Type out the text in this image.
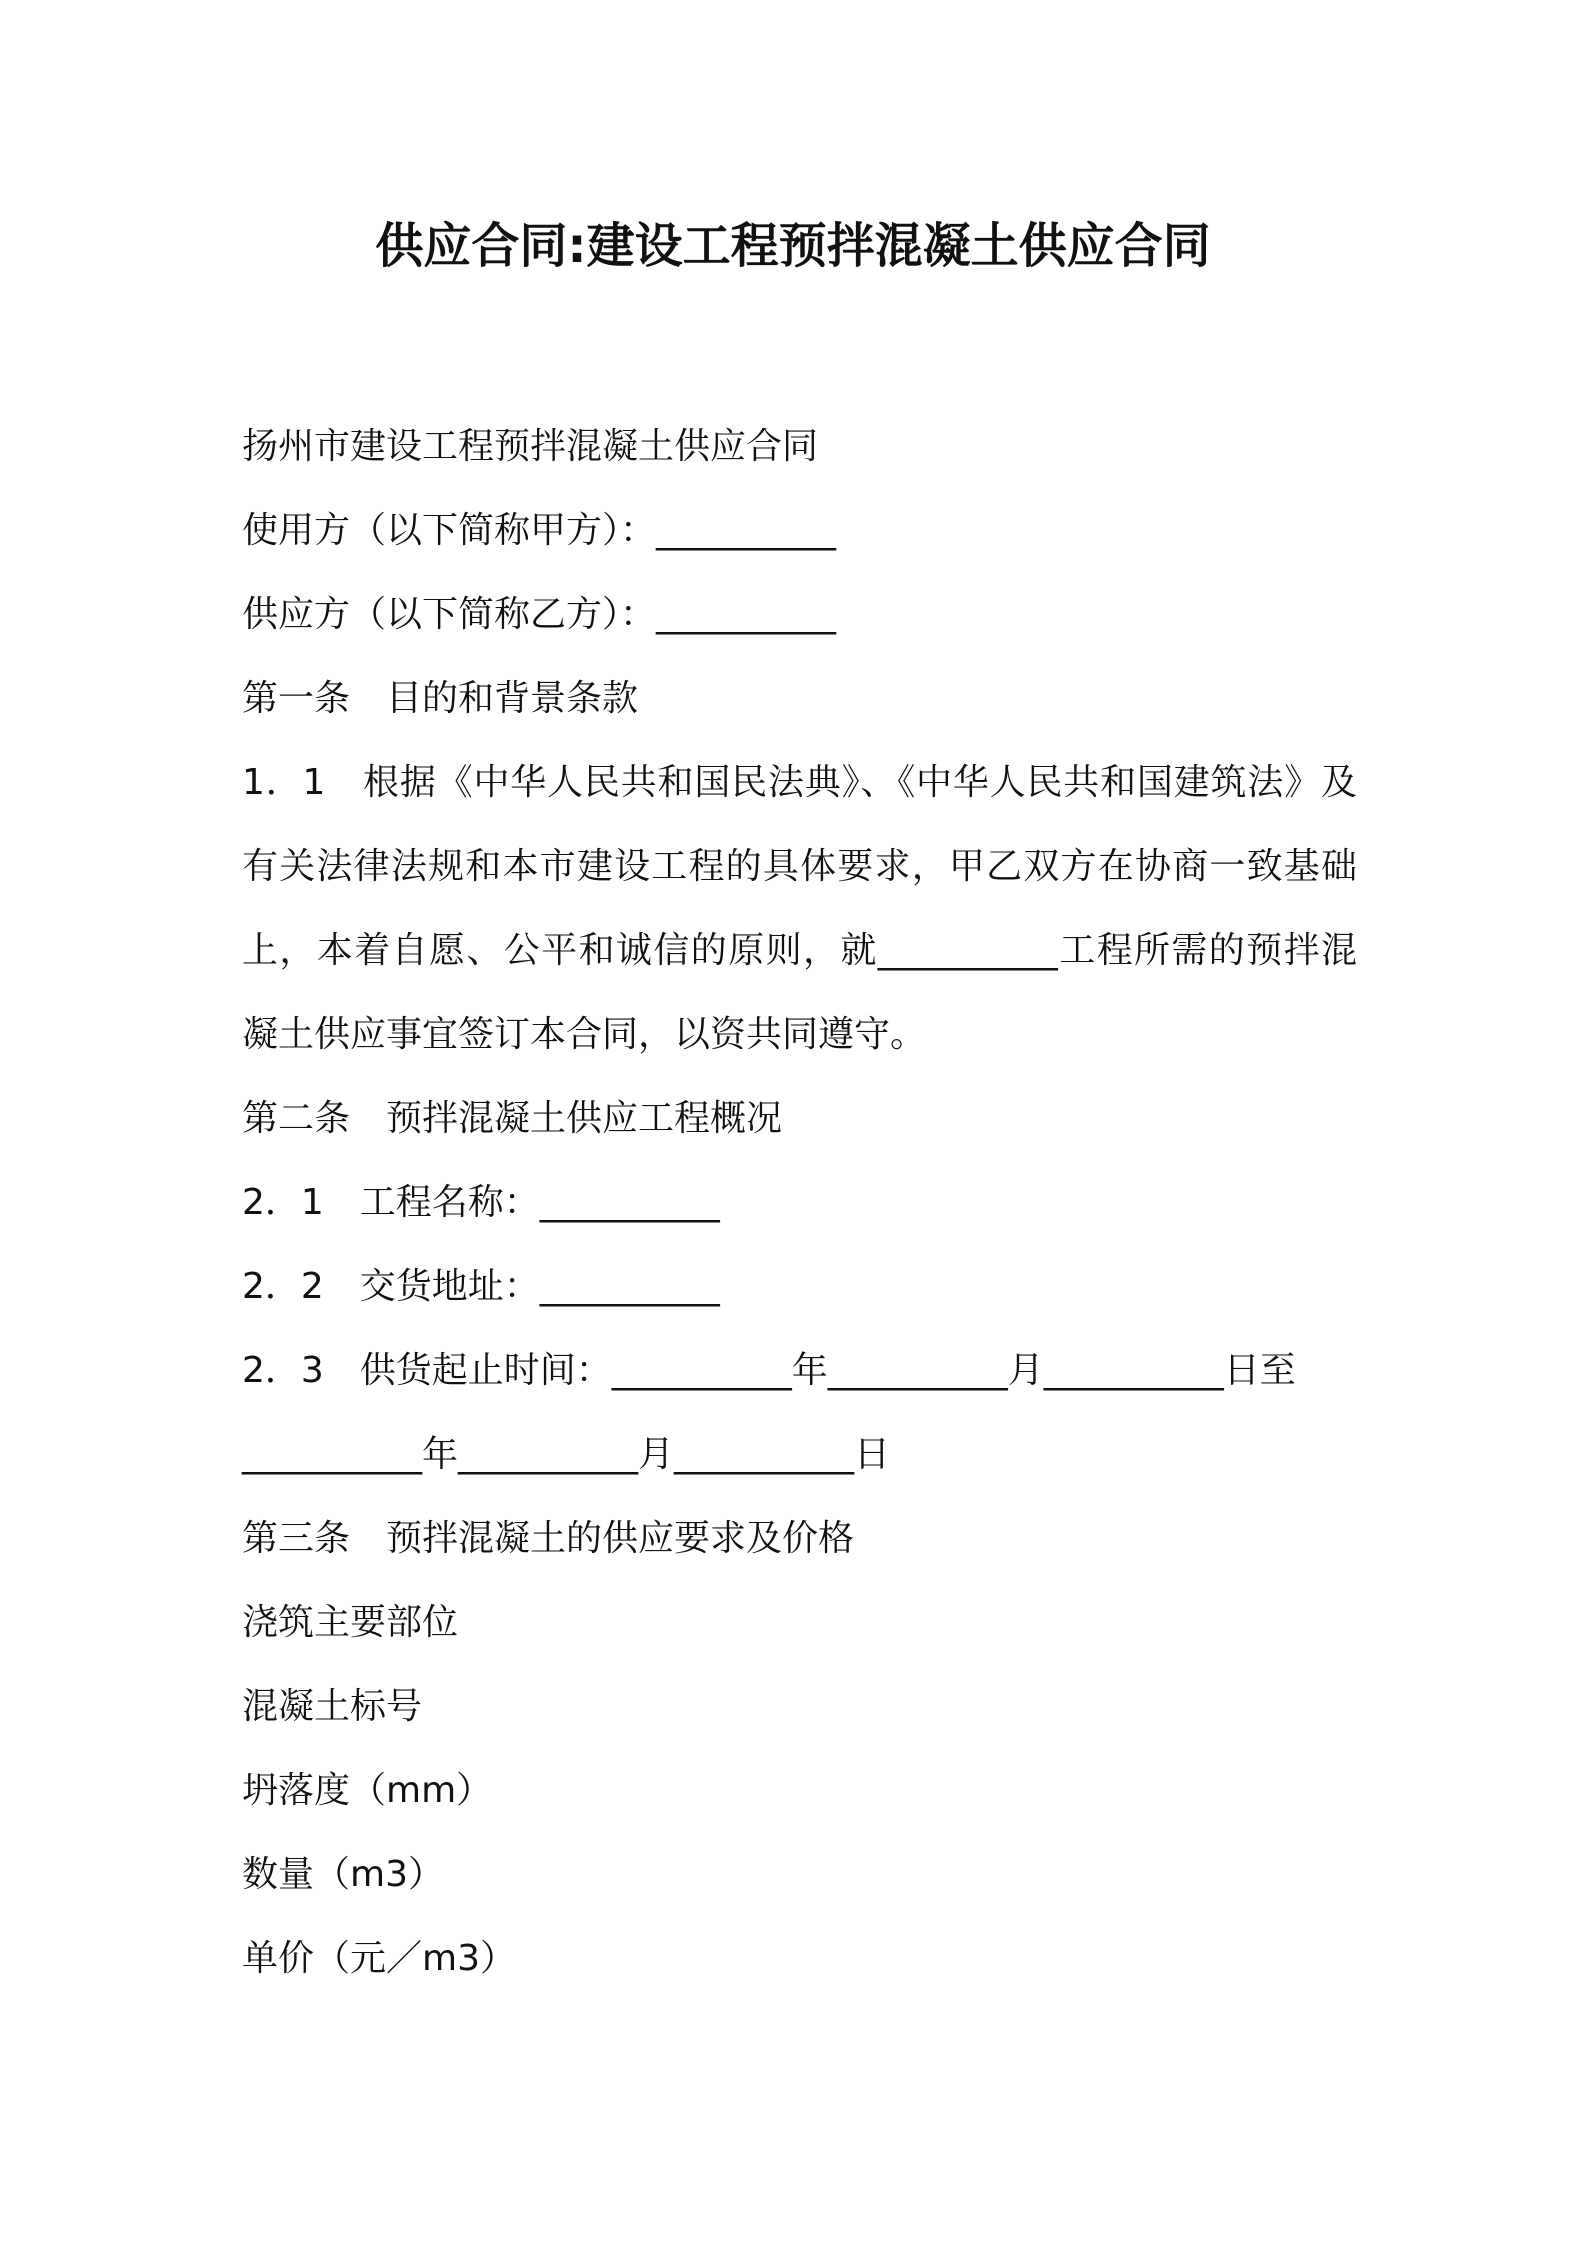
供应合同:建设工程预拌混凝土供应合同
扬州市建设工程预拌混凝土供应合同
使用方（以下简称甲方）：__________
供应方（以下简称乙方）：__________
第一条　目的和背景条款
1．1　根据《中华人民共和国民法典》、《中华人民共和国建筑法》及有关法律法规和本市建设工程的具体要求，甲乙双方在协商一致基础上，本着自愿、公平和诚信的原则，就__________工程所需的预拌混凝土供应事宜签订本合同，以资共同遵守。
第二条　预拌混凝土供应工程概况
2．1　工程名称：__________
2．2　交货地址：__________
2．3　供货起止时间：__________年__________月__________日至
__________年__________月__________日
第三条　预拌混凝土的供应要求及价格
浇筑主要部位
混凝土标号
坍落度（mm）
数量（m3）
单价（元／m3）
